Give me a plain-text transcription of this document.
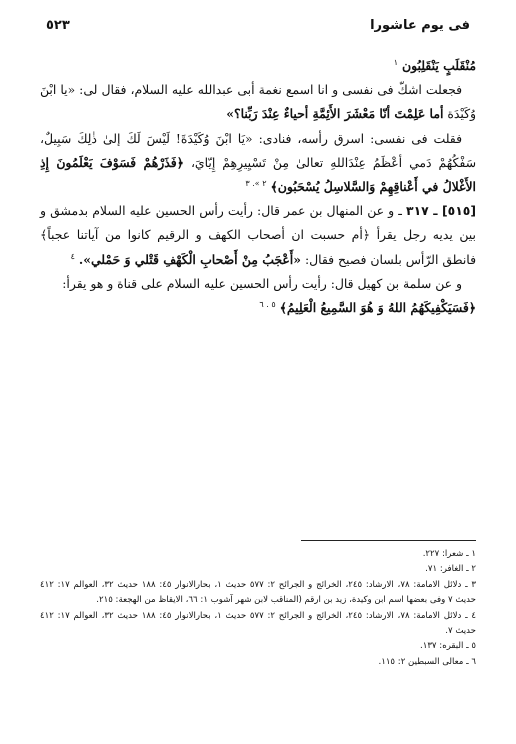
فى يوم عاشورا
٥٢٣

مُنْقَلَبٍ يَنْقَلِبُون $^١$

فجعلت اشكّ فى نفسى و انا اسمع نغمة أبى عبدالله عليه السلام، فقال لى: «يا ابْنَ وُكَيْدَة أما عَلِمْتَ أنّا مَعْشَرَ الأَئِمَّةِ أحياءٌ عِنْدَ رَبِّنا؟»

فقلت فى نفسى: اسرق رأسه، فنادى: «يَا ابْنَ وُكَيْدَةَ! لَيْسَ لَكَ إلىٰ ذٰلِكَ سَبِيلٌ، سَفْكُهُمْ دَمي أعْظَمُ عِنْدَاللهِ تعالىٰ مِنْ تَسْيِيرِهِمْ إِيّايَ، ﴿فَذَرْهُمْ فَسَوْفَ يَعْلَمُونَ إِذِ الأَغْلالُ في أَعْناقِهِمْ وَالسَّلاسِلُ يُسْحَبُون﴾ $^{٢ ». ٣}$

[٥١٥] ـ ٣١٧ ـ و عن المنهال بن عمر قال: رأيت رأس الحسين عليه السلام بدمشق و بين يديه رجل يقرأ ﴿أم حسبت ان أصحاب الكهف و الرقيم كانوا من آياتنا عجباً﴾ فانطق الرّأس بلسان فصيح فقال: «أَعْجَبُ مِنْ أَصْحابِ الْكَهْفِ قَتْلي وَ حَمْلي». $^٤$

و عن سلمة بن كهيل قال: رأيت رأس الحسين عليه السلام على قناة و هو يقرأ:

﴿فَسَيَكْفِيكَهُمُ اللهُ وَ هُوَ السَّمِيعُ الْعَلِيمُ﴾ $^{٥ . ٦}$

١ ـ شعرا: ٢٢٧.

٢ ـ الغافر: ٧١.

٣ ـ دلائل الامامة: ٧٨، الارشاد: ٢٤٥، الخرائج و الجرائح ٢: ٥٧٧ حديث ١، بحارالانوار ٤٥: ١٨٨ حديث ٣٢، العوالم ١٧: ٤١٢ حديث ٧ وفى بعضها اسم ابن وكيدة، زيد بن ارقم (المناقب لابن شهر آشوب ١: ٦٦، الايقاظ من الهجعة: ٢١٥.

٤ ـ دلائل الامامة: ٧٨، الارشاد: ٢٤٥، الخرائج و الجرائح ٢: ٥٧٧ حديث ١، بحارالانوار ٤٥: ١٨٨ حديث ٣٢، العوالم ١٧: ٤١٢ حديث ٧.

٥ ـ البقره: ١٣٧.

٦ ـ معالى السبطين ٢: ١١٥.
